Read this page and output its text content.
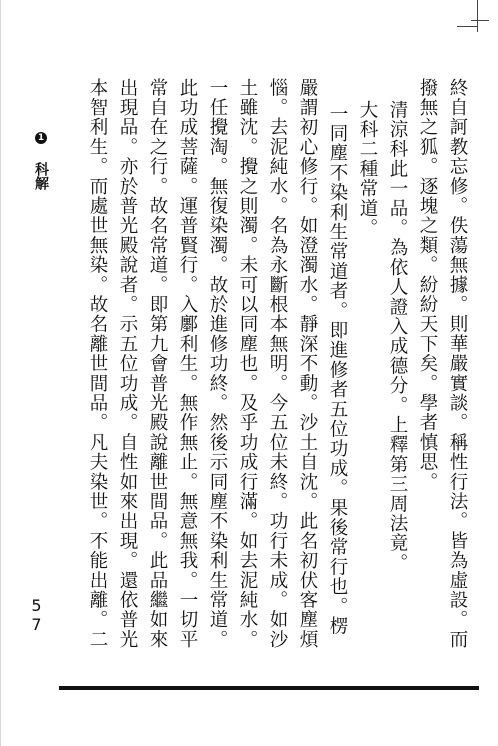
1 科解	終自訶教忘修。佚蕩無據。則華嚴實談。稱性行法。皆為虛設。而
撥無之狐。逐塊之類。紛紛天下矣。學者慎思。
清涼科此一品。為依人證入成德分。上釋第三周法竟。
大科二種常道。
一同塵不染利生常道者。即進修者五位功成。果後常行也。楞
嚴謂初心修行。如澄濁水。靜深不動。沙土自沈。此名初伏客塵煩
惱。去泥純水。名為永斷根本無明。今五位未終。功行未成。如沙
土雖沈。攪之則濁。未可以同塵也。及乎功成行滿。如去泥純水。
一任攪淘。無復染濁。故於進修功終。然後示同塵不染利生常道。
此功成菩薩。運普賢行。入鄽利生。無作無止。無意無我。一切平
常自在之行。故名常道。即第九會普光殿說離世間品。此品繼如來
出現品。亦於普光殿說者。示五位功成。自性如來出現。還依普光
本智利生。而處世無染。故名離世間品。凡夫染世。不能出離。二
57
